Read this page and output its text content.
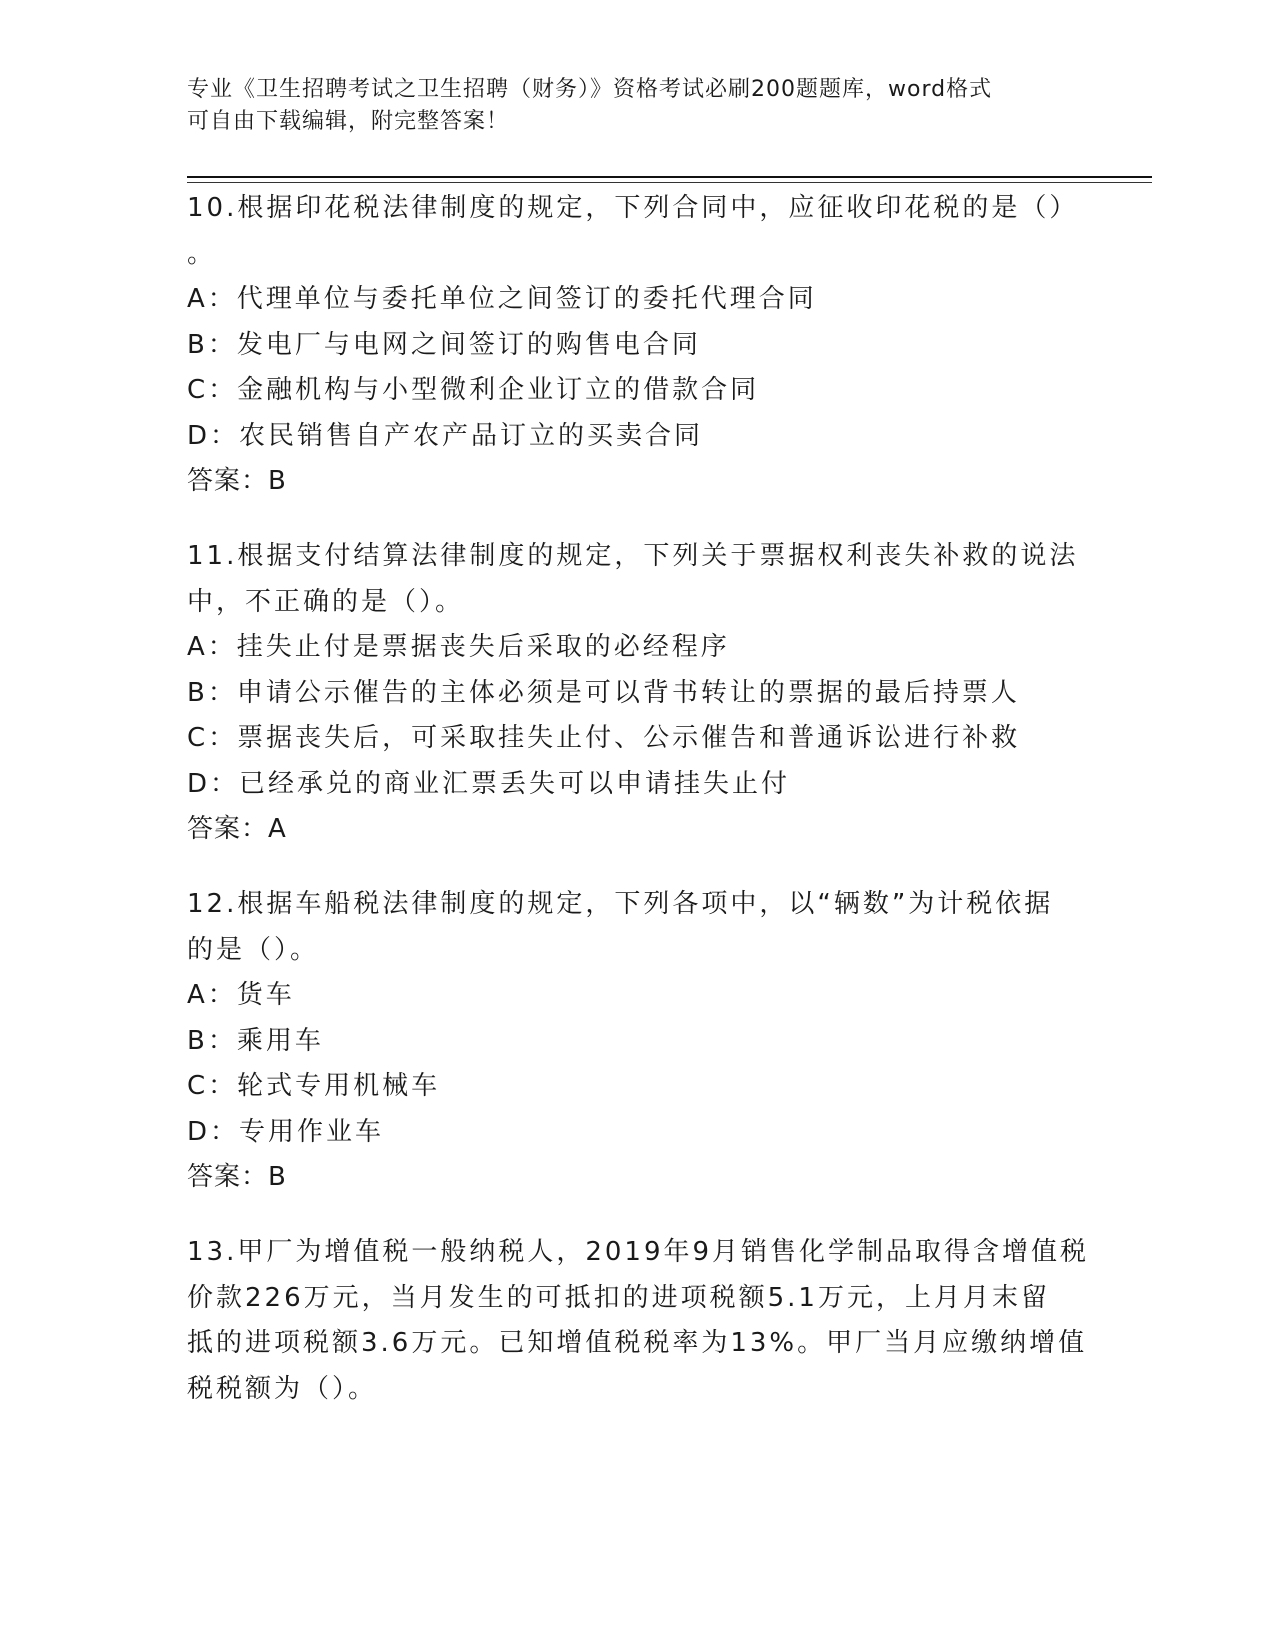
专业《卫生招聘考试之卫生招聘（财务）》资格考试必刷200题题库，word格式
可自由下载编辑，附完整答案！
10.根据印花税法律制度的规定，下列合同中，应征收印花税的是（）
。
A：代理单位与委托单位之间签订的委托代理合同
B：发电厂与电网之间签订的购售电合同
C：金融机构与小型微利企业订立的借款合同
D：农民销售自产农产品订立的买卖合同
答案：B
11.根据支付结算法律制度的规定，下列关于票据权利丧失补救的说法
中，不正确的是（）。
A：挂失止付是票据丧失后采取的必经程序
B：申请公示催告的主体必须是可以背书转让的票据的最后持票人
C：票据丧失后，可采取挂失止付、公示催告和普通诉讼进行补救
D：已经承兑的商业汇票丢失可以申请挂失止付
答案：A
12.根据车船税法律制度的规定，下列各项中，以“辆数”为计税依据
的是（）。
A：货车
B：乘用车
C：轮式专用机械车
D：专用作业车
答案：B
13.甲厂为增值税一般纳税人，2019年9月销售化学制品取得含增值税
价款226万元，当月发生的可抵扣的进项税额5.1万元，上月月末留
抵的进项税额3.6万元。已知增值税税率为13%。甲厂当月应缴纳增值
税税额为（）。
